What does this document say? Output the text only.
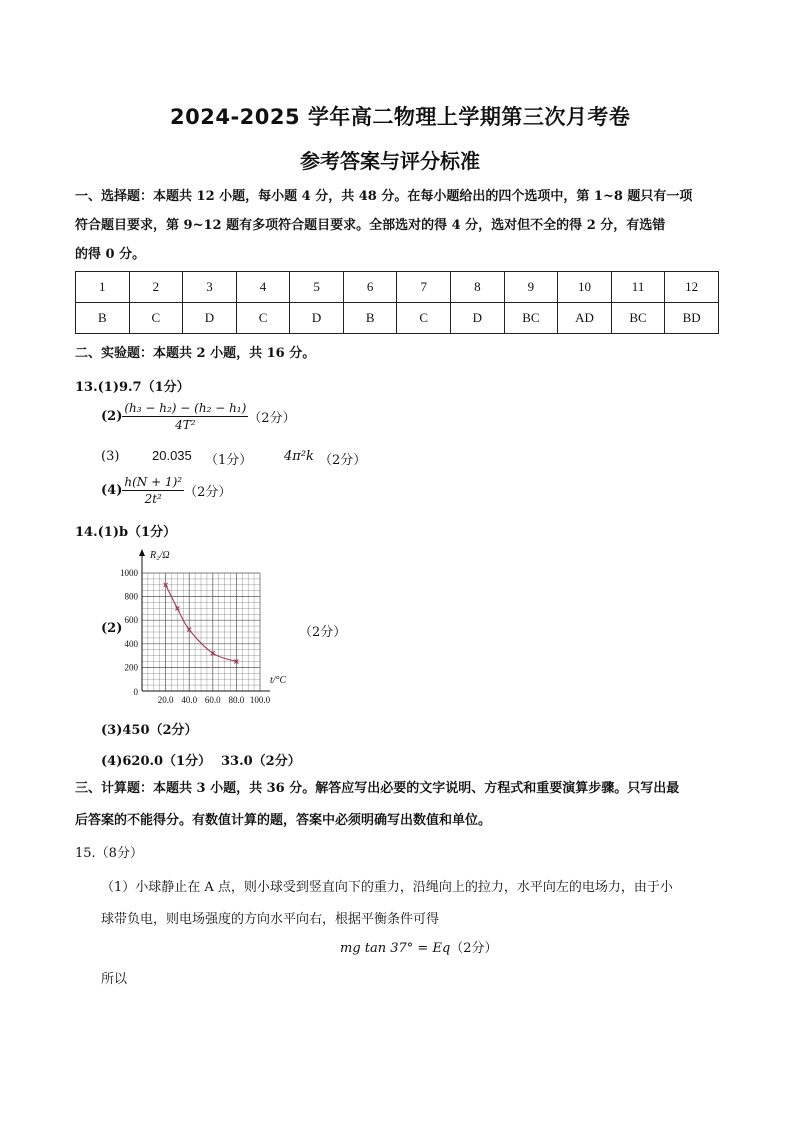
2024-2025 学年高二物理上学期第三次月考卷
参考答案与评分标准
一、选择题：本题共 12 小题，每小题 4 分，共 48 分。在每小题给出的四个选项中，第 1~8 题只有一项
符合题目要求，第 9~12 题有多项符合题目要求。全部选对的得 4 分，选对但不全的得 2 分，有选错
的得 0 分。
1	2	3	4	5	6	7	8	9	10	11	12
B	C	D	C	D	B	C	D	BC	AD	BC	BD
二、实验题：本题共 2 小题，共 16 分。
13.(1)9.7（1分）
$(2) \frac{\text{(h₃ − h₂) − (h₂ − h₁)}}{\text{4T²}} (2$分）
(3)	20.035 （1分） 4π²k （2分）
$(4) \frac{\text{h(N + 1)²}}{\text{2t²}} (2$分）
14.(1)b（1分）
(2)	（2分）
0
200
400
600
800
1000
20.0 40.0 60.0 80.0 100.0
R₂/Ω
t/°C
(3)450（2分）
(4)620.0（1分） 33.0（2分）
三、计算题：本题共 3 小题，共 36 分。解答应写出必要的文字说明、方程式和重要演算步骤。只写出最
后答案的不能得分。有数值计算的题，答案中必须明确写出数值和单位。
15.（8分）
（1）小球静止在 A 点，则小球受到竖直向下的重力，沿绳向上的拉力，水平向左的电场力，由于小
球带负电，则电场强度的方向水平向右，根据平衡条件可得
mg tan 37° = Eq（2分）
所以
